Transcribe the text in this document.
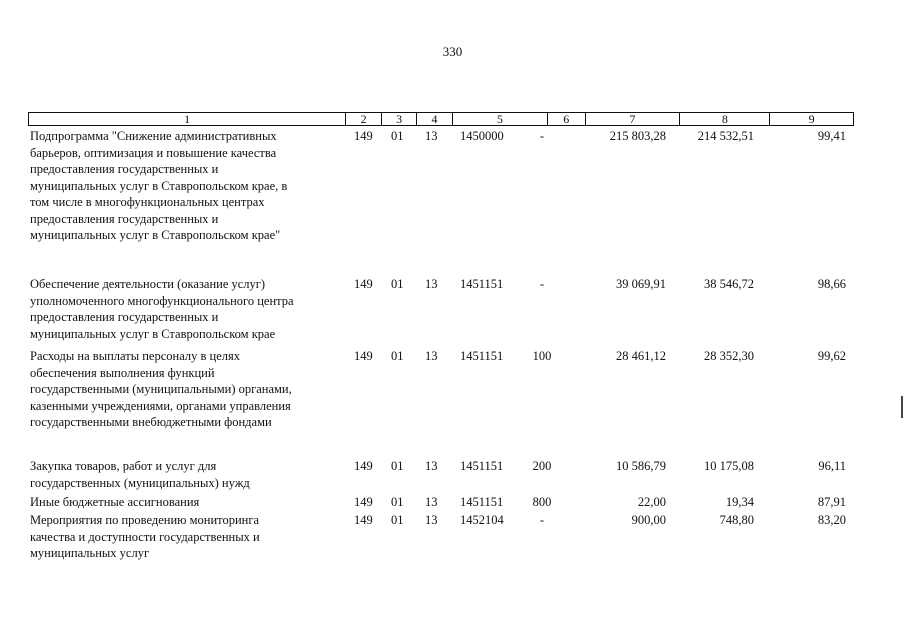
330
1	2	3	4	5	6	7	8	9
Подпрограмма "Снижение административных
барьеров, оптимизация и повышение качества
предоставления государственных и
муниципальных услуг в Ставропольском крае, в
том числе в многофункциональных центрах
предоставления государственных и
муниципальных услуг в Ставропольском крае"
149 01 13 1450000	-	215 803,28	214 532,51	99,41
Обеспечение деятельности (оказание услуг)
уполномоченного многофункционального центра
предоставления государственных и
муниципальных услуг в Ставропольском крае
149 01 13 1451151	-	39 069,91	38 546,72	98,66
Расходы на выплаты персоналу в целях
обеспечения выполнения функций
государственными (муниципальными) органами,
казенными учреждениями, органами управления
государственными внебюджетными фондами
149 01 13 1451151	100	28 461,12	28 352,30	99,62
Закупка товаров, работ и услуг для
государственных (муниципальных) нужд
149 01 13 1451151	200	10 586,79	10 175,08	96,11
Иные бюджетные ассигнования	149 01 13 1451151	800	22,00	19,34	87,91
Мероприятия по проведению мониторинга
качества и доступности государственных и
муниципальных услуг
149 01 13 1452104	-	900,00	748,80	83,20
